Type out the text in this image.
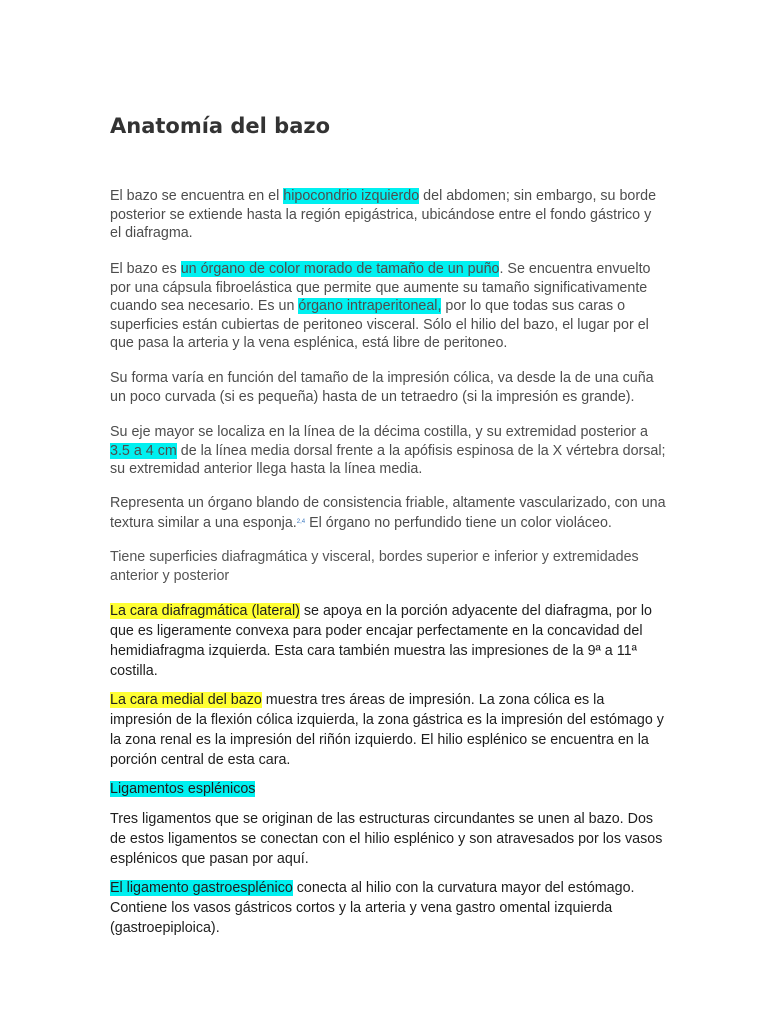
Anatomía del bazo

El bazo se encuentra en el hipocondrio izquierdo del abdomen; sin embargo, su borde posterior se extiende hasta la región epigástrica, ubicándose entre el fondo gástrico y el diafragma.

El bazo es un órgano de color morado de tamaño de un puño. Se encuentra envuelto por una cápsula fibroelástica que permite que aumente su tamaño significativamente cuando sea necesario. Es un órgano intraperitoneal, por lo que todas sus caras o superficies están cubiertas de peritoneo visceral. Sólo el hilio del bazo, el lugar por el que pasa la arteria y la vena esplénica, está libre de peritoneo.

Su forma varía en función del tamaño de la impresión cólica, va desde la de una cuña un poco curvada (si es pequeña) hasta de un tetraedro (si la impresión es grande).

Su eje mayor se localiza en la línea de la décima costilla, y su extremidad posterior a 3.5 a 4 cm de la línea media dorsal frente a la apófisis espinosa de la X vértebra dorsal; su extremidad anterior llega hasta la línea media.

Representa un órgano blando de consistencia friable, altamente vascularizado, con una textura similar a una esponja.$^{2,4}$ El órgano no perfundido tiene un color violáceo.

Tiene superficies diafragmática y visceral, bordes superior e inferior y extremidades anterior y posterior

La cara diafragmática (lateral) se apoya en la porción adyacente del diafragma, por lo que es ligeramente convexa para poder encajar perfectamente en la concavidad del hemidiafragma izquierda. Esta cara también muestra las impresiones de la 9ª a 11ª costilla.

La cara medial del bazo muestra tres áreas de impresión. La zona cólica es la impresión de la flexión cólica izquierda, la zona gástrica es la impresión del estómago y la zona renal es la impresión del riñón izquierdo. El hilio esplénico se encuentra en la porción central de esta cara.

Ligamentos esplénicos

Tres ligamentos que se originan de las estructuras circundantes se unen al bazo. Dos de estos ligamentos se conectan con el hilio esplénico y son atravesados por los vasos esplénicos que pasan por aquí.

El ligamento gastroesplénico conecta al hilio con la curvatura mayor del estómago. Contiene los vasos gástricos cortos y la arteria y vena gastro omental izquierda (gastroepiploica).
